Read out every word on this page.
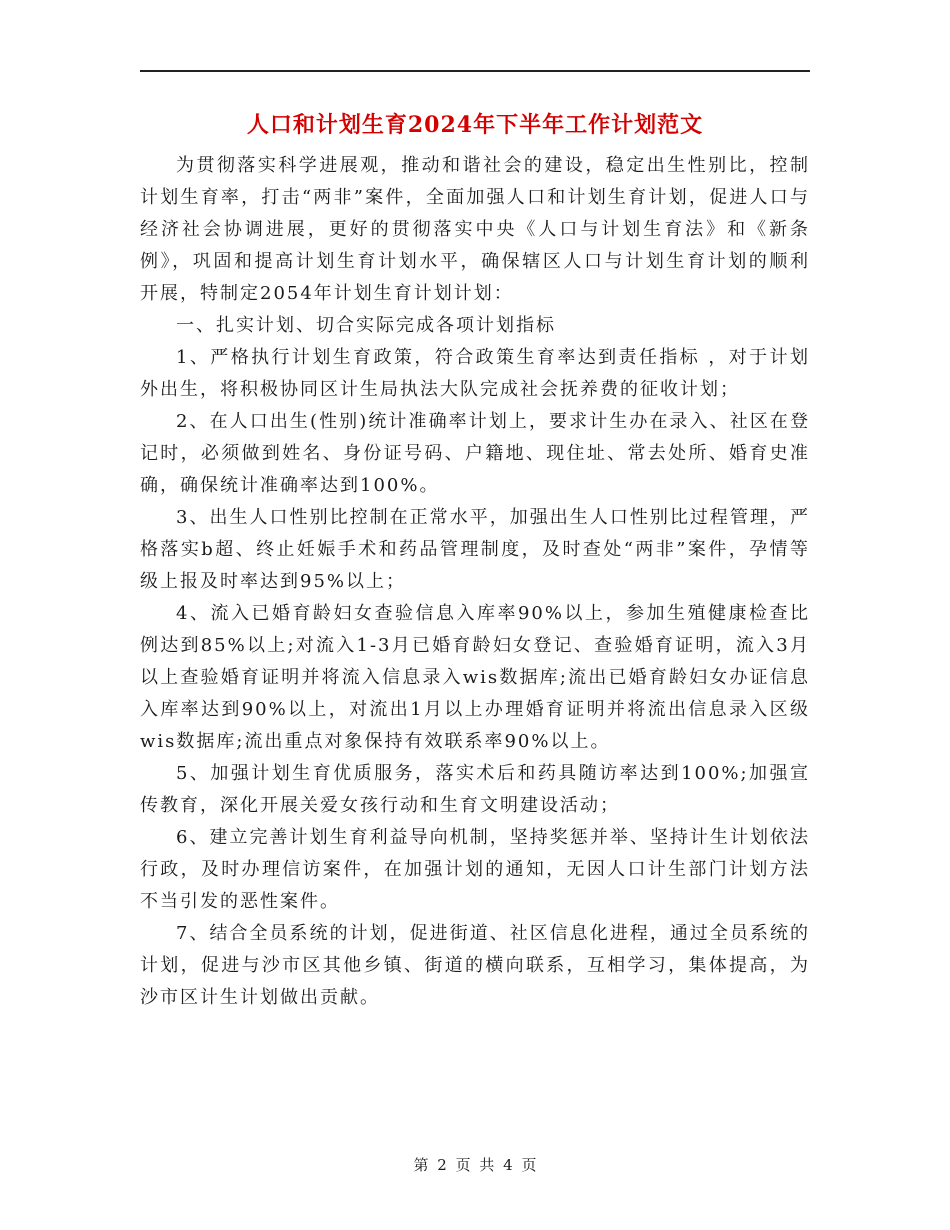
人口和计划生育2024年下半年工作计划范文

为贯彻落实科学进展观，推动和谐社会的建设，稳定出生性别比，控制计划生育率，打击“两非”案件，全面加强人口和计划生育计划，促进人口与经济社会协调进展，更好的贯彻落实中央《人口与计划生育法》和《新条例》，巩固和提高计划生育计划水平，确保辖区人口与计划生育计划的顺利开展，特制定2054年计划生育计划计划：

一、扎实计划、切合实际完成各项计划指标

1、严格执行计划生育政策，符合政策生育率达到责任指标 ，对于计划外出生，将积极协同区计生局执法大队完成社会抚养费的征收计划；

2、在人口出生(性别)统计准确率计划上，要求计生办在录入、社区在登记时，必须做到姓名、身份证号码、户籍地、现住址、常去处所、婚育史准确，确保统计准确率达到100%。

3、出生人口性别比控制在正常水平，加强出生人口性别比过程管理，严格落实b超、终止妊娠手术和药品管理制度，及时查处“两非”案件，孕情等级上报及时率达到95%以上；

4、流入已婚育龄妇女查验信息入库率90%以上，参加生殖健康检查比例达到85%以上;对流入1-3月已婚育龄妇女登记、查验婚育证明，流入3月以上查验婚育证明并将流入信息录入wis数据库;流出已婚育龄妇女办证信息入库率达到90%以上，对流出1月以上办理婚育证明并将流出信息录入区级wis数据库;流出重点对象保持有效联系率90%以上。

5、加强计划生育优质服务，落实术后和药具随访率达到100%;加强宣传教育，深化开展关爱女孩行动和生育文明建设活动；

6、建立完善计划生育利益导向机制，坚持奖惩并举、坚持计生计划依法行政，及时办理信访案件，在加强计划的通知，无因人口计生部门计划方法不当引发的恶性案件。

7、结合全员系统的计划，促进街道、社区信息化进程，通过全员系统的计划，促进与沙市区其他乡镇、街道的横向联系，互相学习，集体提高，为沙市区计生计划做出贡献。

第 2 页 共 4 页
